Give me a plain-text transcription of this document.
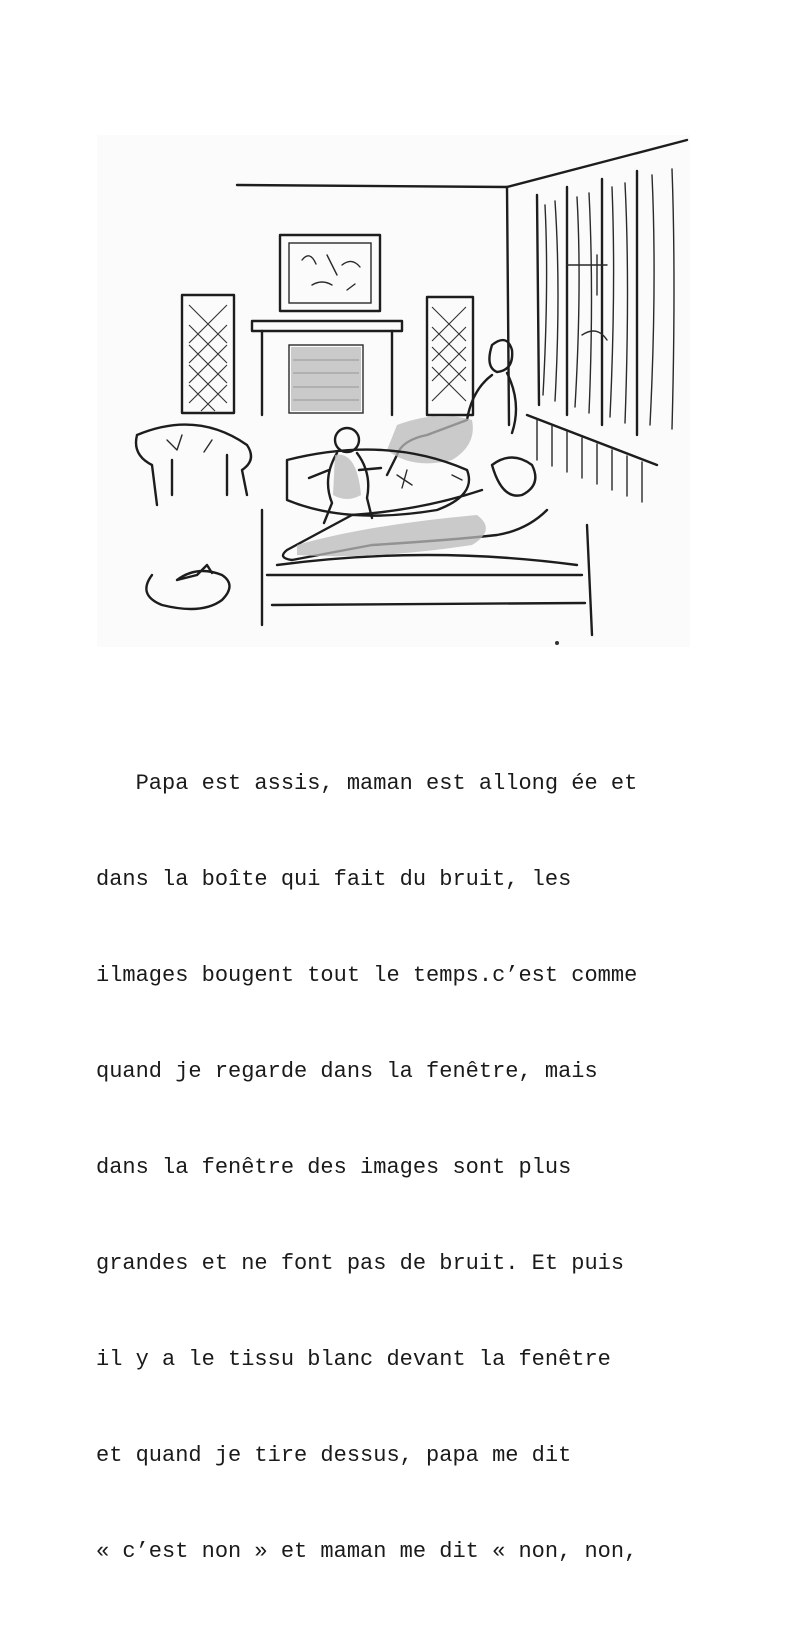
Papa est assis, maman est allong ée et

dans la boîte qui fait du bruit, les

ilmages bougent tout le temps.c’est comme

quand je regarde dans la fenêtre, mais

dans la fenêtre des images sont plus

grandes et ne font pas de bruit. Et puis

il y a le tissu blanc devant la fenêtre

et quand je tire dessus, papa me dit

« c’est non » et maman me dit « non, non,
